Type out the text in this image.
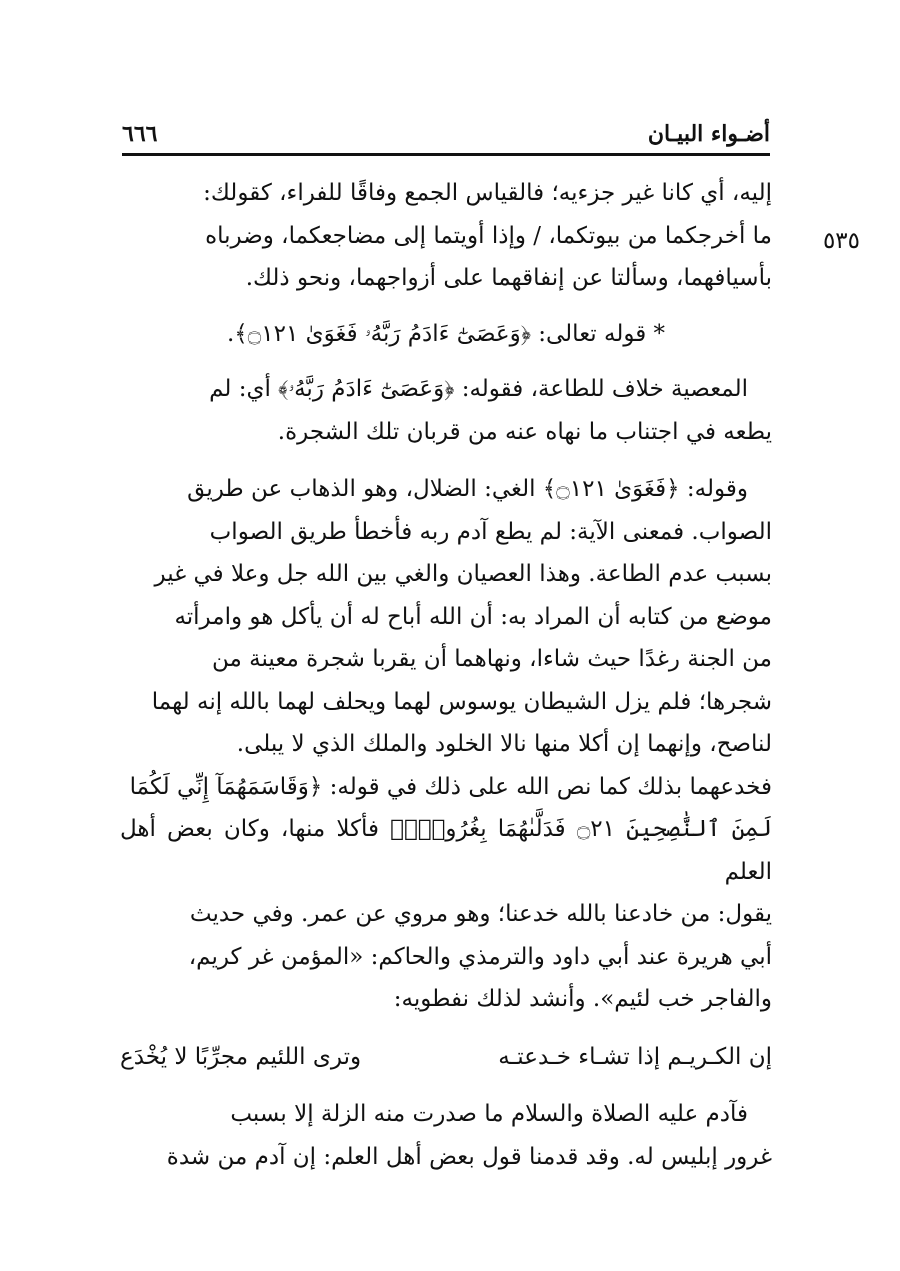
أضـواء البيـان
٦٦٦
٥٣٥

إليه، أي كانا غير جزءيه؛ فالقياس الجمع وفاقًا للفراء، كقولك:

ما أخرجكما من بيوتكما، / وإذا أويتما إلى مضاجعكما، وضرباه

بأسيافهما، وسألتا عن إنفاقهما على أزواجهما، ونحو ذلك.

* قوله تعالى: ﴿وَعَصَىٰٓ ءَادَمُ رَبَّهُۥ فَغَوَىٰ ۝١٢١﴾.

المعصية خلاف للطاعة، فقوله: ﴿وَعَصَىٰٓ ءَادَمُ رَبَّهُۥ﴾ أي: لم

يطعه في اجتناب ما نهاه عنه من قربان تلك الشجرة.

وقوله: ﴿فَغَوَىٰ ۝١٢١﴾ الغي: الضلال، وهو الذهاب عن طريق

الصواب. فمعنى الآية: لم يطع آدم ربه فأخطأ طريق الصواب

بسبب عدم الطاعة. وهذا العصيان والغي بين الله جل وعلا في غير

موضع من كتابه أن المراد به: أن الله أباح له أن يأكل هو وامرأته

من الجنة رغدًا حيث شاءا، ونهاهما أن يقربا شجرة معينة من

شجرها؛ فلم يزل الشيطان يوسوس لهما ويحلف لهما بالله إنه لهما

لناصح، وإنهما إن أكلا منها نالا الخلود والملك الذي لا يبلى.

فخدعهما بذلك كما نص الله على ذلك في قوله: ﴿وَقَاسَمَهُمَآ إِنِّي لَكُمَا

لَمِنَ ٱلنَّٰصِحِينَ ۝٢١ فَدَلَّىٰهُمَا بِغُرُورٍۚ﴾ فأكلا منها، وكان بعض أهل العلم

يقول: من خادعنا بالله خدعنا؛ وهو مروي عن عمر. وفي حديث

أبي هريرة عند أبي داود والترمذي والحاكم: «المؤمن غر كريم،

والفاجر خب لئيم». وأنشد لذلك نفطويه:

إن الكـريـم إذا تشـاء خـدعتـه
وترى اللئيم مجرِّبًا لا يُخْدَع

فآدم عليه الصلاة والسلام ما صدرت منه الزلة إلا بسبب

غرور إبليس له. وقد قدمنا قول بعض أهل العلم: إن آدم من شدة
